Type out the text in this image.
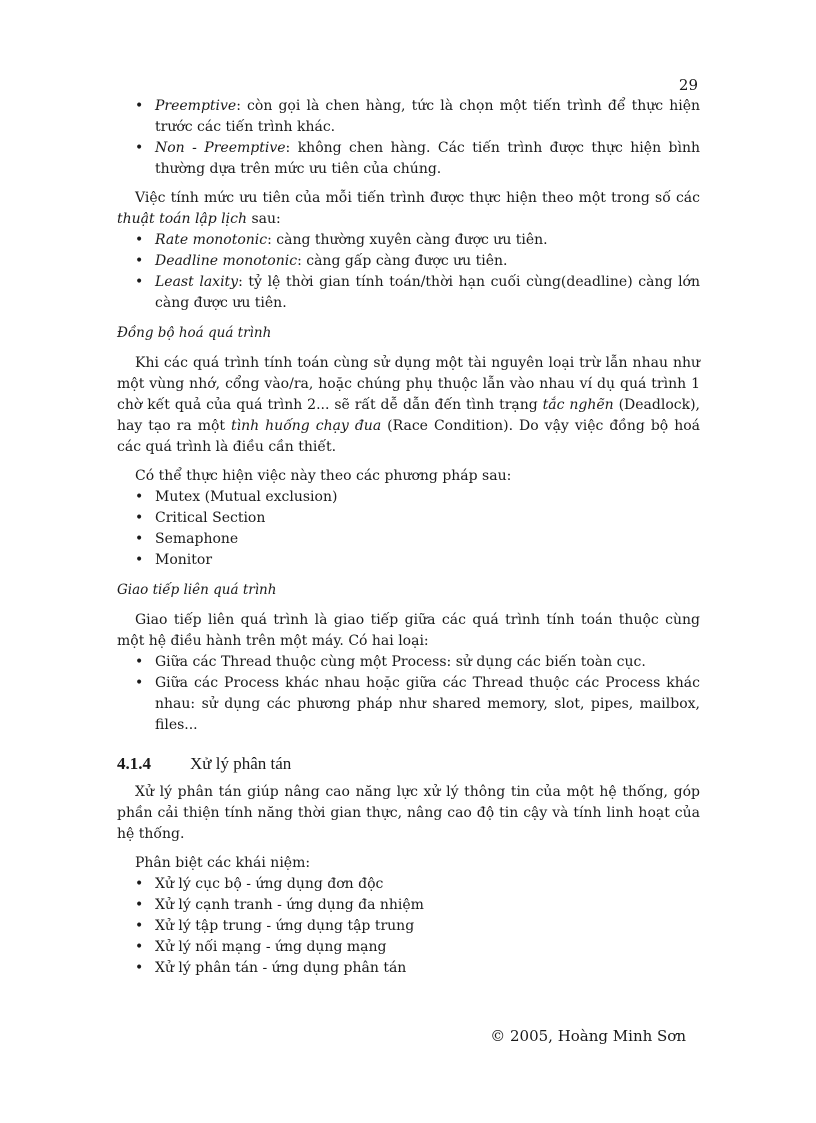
29
• Preemptive: còn gọi là chen hàng, tức là chọn một tiến trình để thực hiện trước các tiến trình khác.
• Non - Preemptive: không chen hàng. Các tiến trình được thực hiện bình thường dựa trên mức ưu tiên của chúng.

Việc tính mức ưu tiên của mỗi tiến trình được thực hiện theo một trong số các thuật toán lập lịch sau:

• Rate monotonic: càng thường xuyên càng được ưu tiên.
• Deadline monotonic: càng gấp càng được ưu tiên.
• Least laxity: tỷ lệ thời gian tính toán/thời hạn cuối cùng(deadline) càng lớn càng được ưu tiên.

Đồng bộ hoá quá trình

Khi các quá trình tính toán cùng sử dụng một tài nguyên loại trừ lẫn nhau như một vùng nhớ, cổng vào/ra, hoặc chúng phụ thuộc lẫn vào nhau ví dụ quá trình 1 chờ kết quả của quá trình 2... sẽ rất dễ dẫn đến tình trạng tắc nghẽn (Deadlock), hay tạo ra một tình huống chạy đua (Race Condition). Do vậy việc đồng bộ hoá các quá trình là điều cần thiết.

Có thể thực hiện việc này theo các phương pháp sau:

• Mutex (Mutual exclusion)
• Critical Section
• Semaphone
• Monitor

Giao tiếp liên quá trình

Giao tiếp liên quá trình là giao tiếp giữa các quá trình tính toán thuộc cùng một hệ điều hành trên một máy. Có hai loại:

• Giữa các Thread thuộc cùng một Process: sử dụng các biến toàn cục.
• Giữa các Process khác nhau hoặc giữa các Thread thuộc các Process khác nhau: sử dụng các phương pháp như shared memory, slot, pipes, mailbox, files...
4.1.4 Xử lý phân tán

Xử lý phân tán giúp nâng cao năng lực xử lý thông tin của một hệ thống, góp phần cải thiện tính năng thời gian thực, nâng cao độ tin cậy và tính linh hoạt của hệ thống.

Phân biệt các khái niệm:

• Xử lý cục bộ - ứng dụng đơn độc
• Xử lý cạnh tranh - ứng dụng đa nhiệm
• Xử lý tập trung - ứng dụng tập trung
• Xử lý nối mạng - ứng dụng mạng
• Xử lý phân tán - ứng dụng phân tán
© 2005, Hoàng Minh Sơn
